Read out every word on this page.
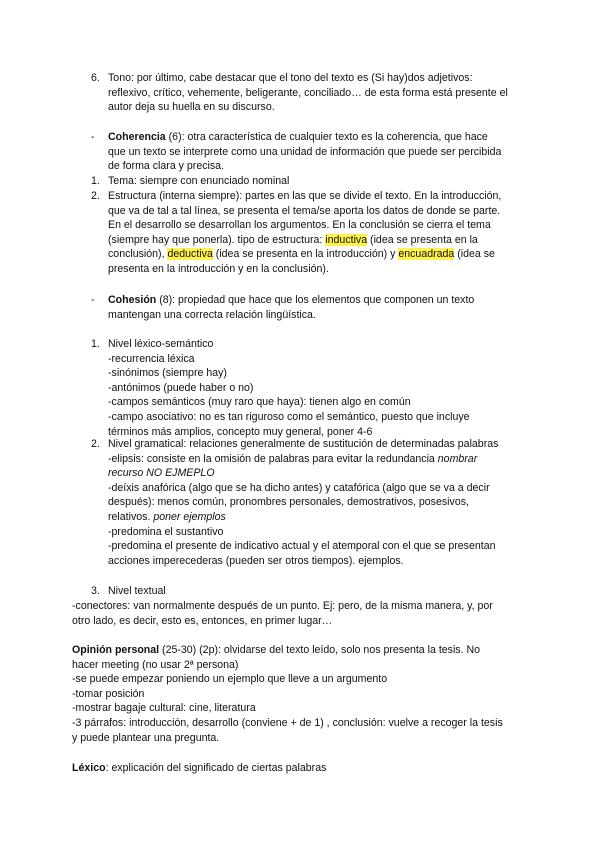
6. Tono: por último, cabe destacar que el tono del texto es (Si hay)dos adjetivos:
reflexivo, crítico, vehemente, beligerante, conciliado… de esta forma está presente el
autor deja su huella en su discurso.
- Coherencia (6): otra característica de cualquier texto es la coherencia, que hace
que un texto se interprete como una unidad de información que puede ser percibida
de forma clara y precisa.
1. Tema: siempre con enunciado nominal
2. Estructura (interna siempre): partes en las que se divide el texto. En la introducción,
que va de tal a tal línea, se presenta el tema/se aporta los datos de donde se parte.
En el desarrollo se desarrollan los argumentos. En la conclusión se cierra el tema
(siempre hay que ponerla). tipo de estructura: inductiva (idea se presenta en la
conclusión), deductiva (idea se presenta en la introducción) y encuadrada (idea se
presenta en la introducción y en la conclusión).
- Cohesión (8): propiedad que hace que los elementos que componen un texto
mantengan una correcta relación lingüística.
1. Nivel léxico-semántico
-recurrencia léxica
-sinónimos (siempre hay)
-antónimos (puede haber o no)
-campos semánticos (muy raro que haya): tienen algo en común
-campo asociativo: no es tan riguroso como el semántico, puesto que incluye
términos más amplios, concepto muy general, poner 4-6
2. Nivel gramatical: relaciones generalmente de sustitución de determinadas palabras
-elipsis: consiste en la omisión de palabras para evitar la redundancia nombrar
recurso NO EJMEPLO
-deíxis anafórica (algo que se ha dicho antes) y catafórica (algo que se va a decir
después): menos común, pronombres personales, demostrativos, posesivos,
relativos. poner ejemplos
-predomina el sustantivo
-predomina el presente de indicativo actual y el atemporal con el que se presentan
acciones imperecederas (pueden ser otros tiempos). ejemplos.
3. Nivel textual
-conectores: van normalmente después de un punto. Ej: pero, de la misma manera, y, por
otro lado, es decir, esto es, entonces, en primer lugar…
Opinión personal (25-30) (2p): olvidarse del texto leído, solo nos presenta la tesis. No
hacer meeting (no usar 2ª persona)
-se puede empezar poniendo un ejemplo que lleve a un argumento
-tomar posición
-mostrar bagaje cultural: cine, literatura
-3 párrafos: introducción, desarrollo (conviene + de 1) , conclusión: vuelve a recoger la tesis
y puede plantear una pregunta.
Léxico: explicación del significado de ciertas palabras
